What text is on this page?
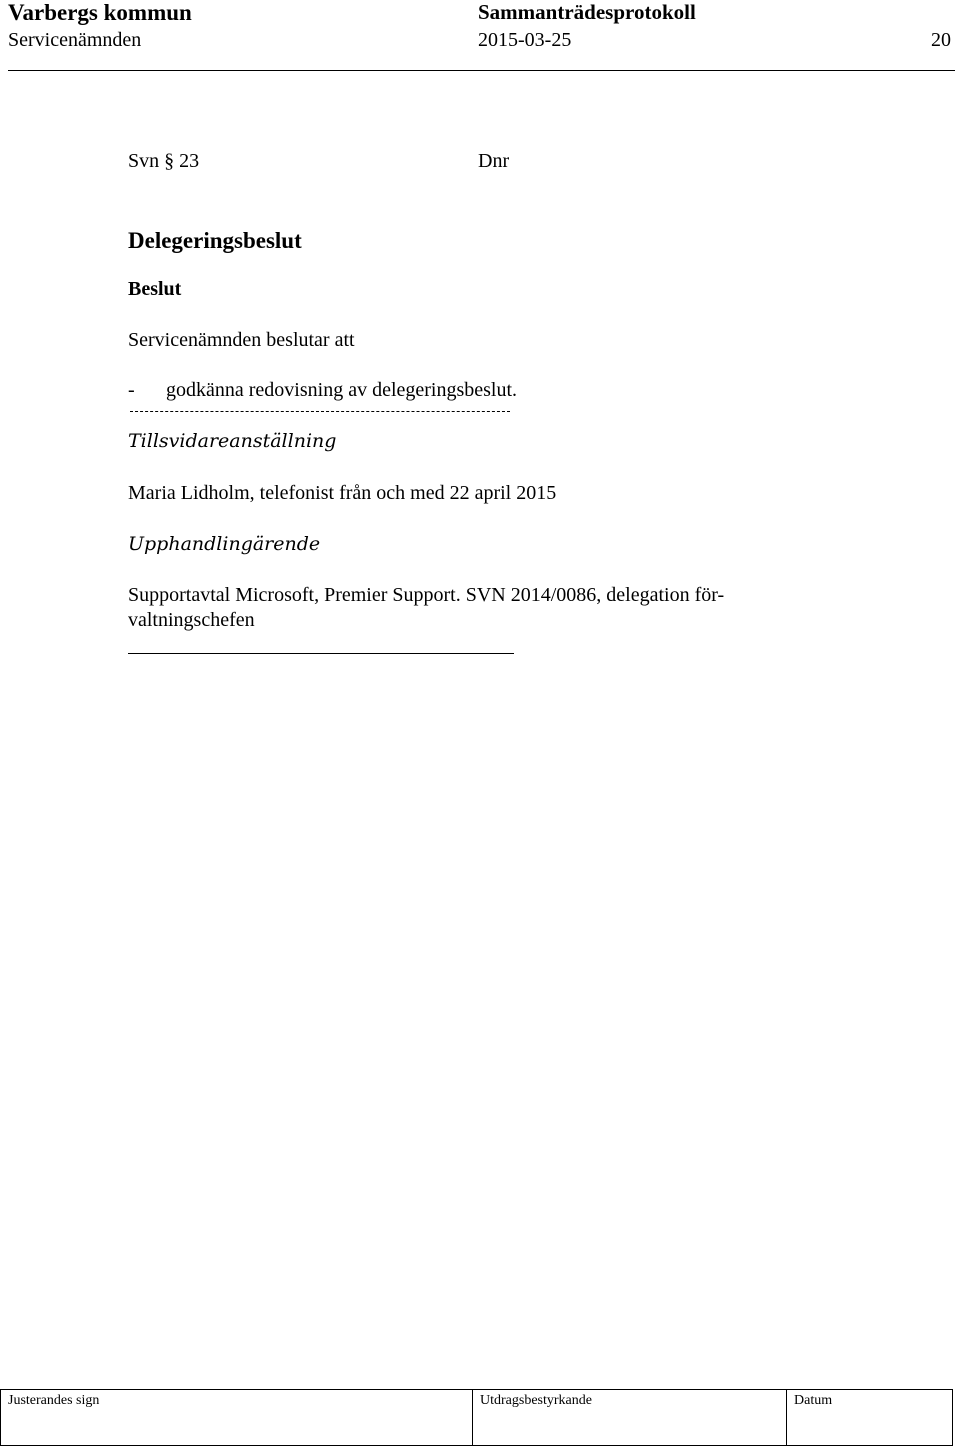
Varbergs kommun	Sammanträdesprotokoll
Servicenämnden	2015-03-25	20
Svn § 23	Dnr
Delegeringsbeslut
Beslut
Servicenämnden beslutar att
- godkänna redovisning av delegeringsbeslut.
Tillsvidareanställning
Maria Lidholm, telefonist från och med 22 april 2015
Upphandlingärende
Supportavtal Microsoft, Premier Support. SVN 2014/0086, delegation för-
valtningschefen
Justerandes sign	Utdragsbestyrkande	Datum
